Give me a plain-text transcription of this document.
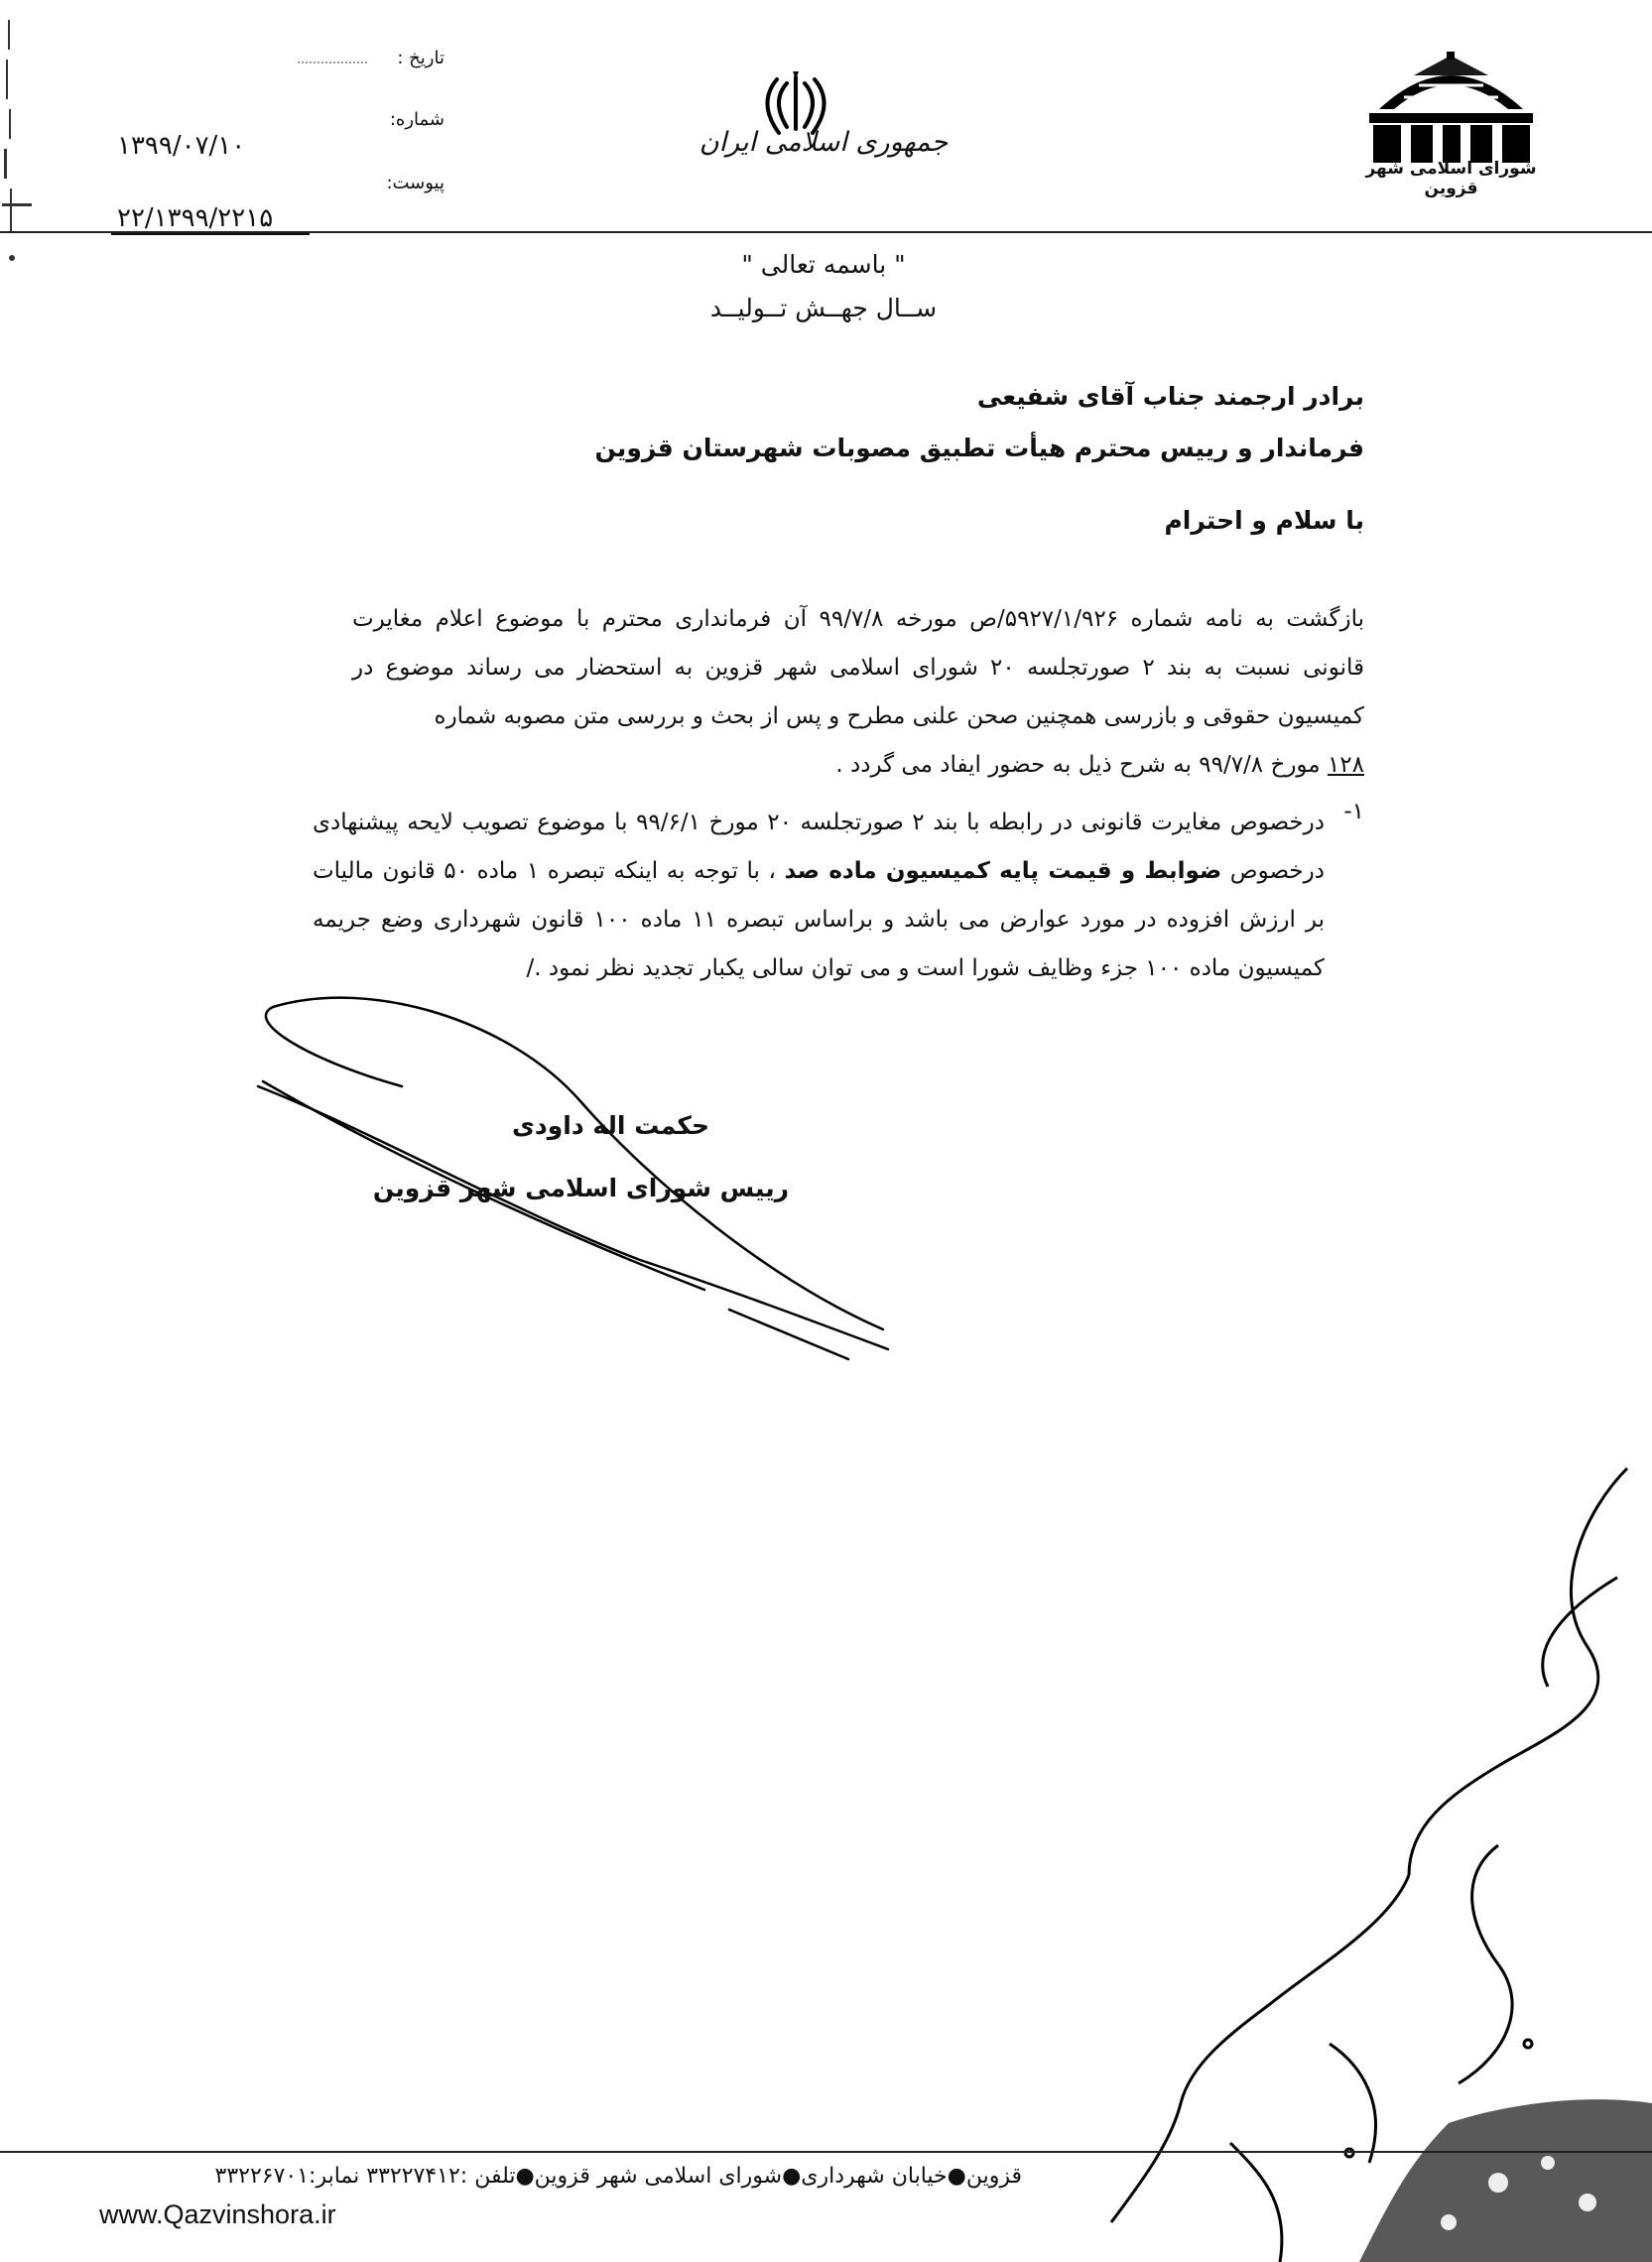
شورای اسلامی شهر قزوین
جمهوری اسلامی ایران
تاریخ :
شماره:
پیوست:
۱۳۹۹/۰۷/۱۰
۲۲/۱۳۹۹/۲۲۱۵
" باسمه تعالی "
ســال جهــش تــولیــد
برادر ارجمند جناب آقای شفیعی
فرماندار و رییس محترم هیأت تطبیق مصوبات شهرستان قزوین
با سلام و احترام
بازگشت به نامه شماره ۵۹۲۷/۱/۹۲۶/ص مورخه ۹۹/۷/۸ آن فرمانداری محترم با موضوع اعلام مغایرت قانونی نسبت به بند ۲ صورتجلسه ۲۰ شورای اسلامی شهر قزوین به استحضار می رساند موضوع در کمیسیون حقوقی و بازرسی همچنین صحن علنی مطرح و پس از بحث و بررسی متن مصوبه شماره
۱۲۸ مورخ ۹۹/۷/۸ به شرح ذیل به حضور ایفاد می گردد .
۱-
درخصوص مغایرت قانونی در رابطه با بند ۲ صورتجلسه ۲۰ مورخ ۹۹/۶/۱ با موضوع تصویب لایحه پیشنهادی درخصوص ضوابط و قیمت پایه کمیسیون ماده صد ، با توجه به اینکه تبصره ۱ ماده ۵۰ قانون مالیات بر ارزش افزوده در مورد عوارض می باشد و براساس تبصره ۱۱ ماده ۱۰۰ قانون شهرداری وضع جریمه کمیسیون ماده ۱۰۰ جزء وظایف شورا است و می توان سالی یکبار تجدید نظر نمود ./
حکمت اله داودی
رییس شورای اسلامی شهر قزوین
قزوین●خیابان شهرداری●شورای اسلامی شهر قزوین●تلفن :۳۳۲۲۷۴۱۲ نمابر:۳۳۲۲۶۷۰۱
www.Qazvinshora.ir
